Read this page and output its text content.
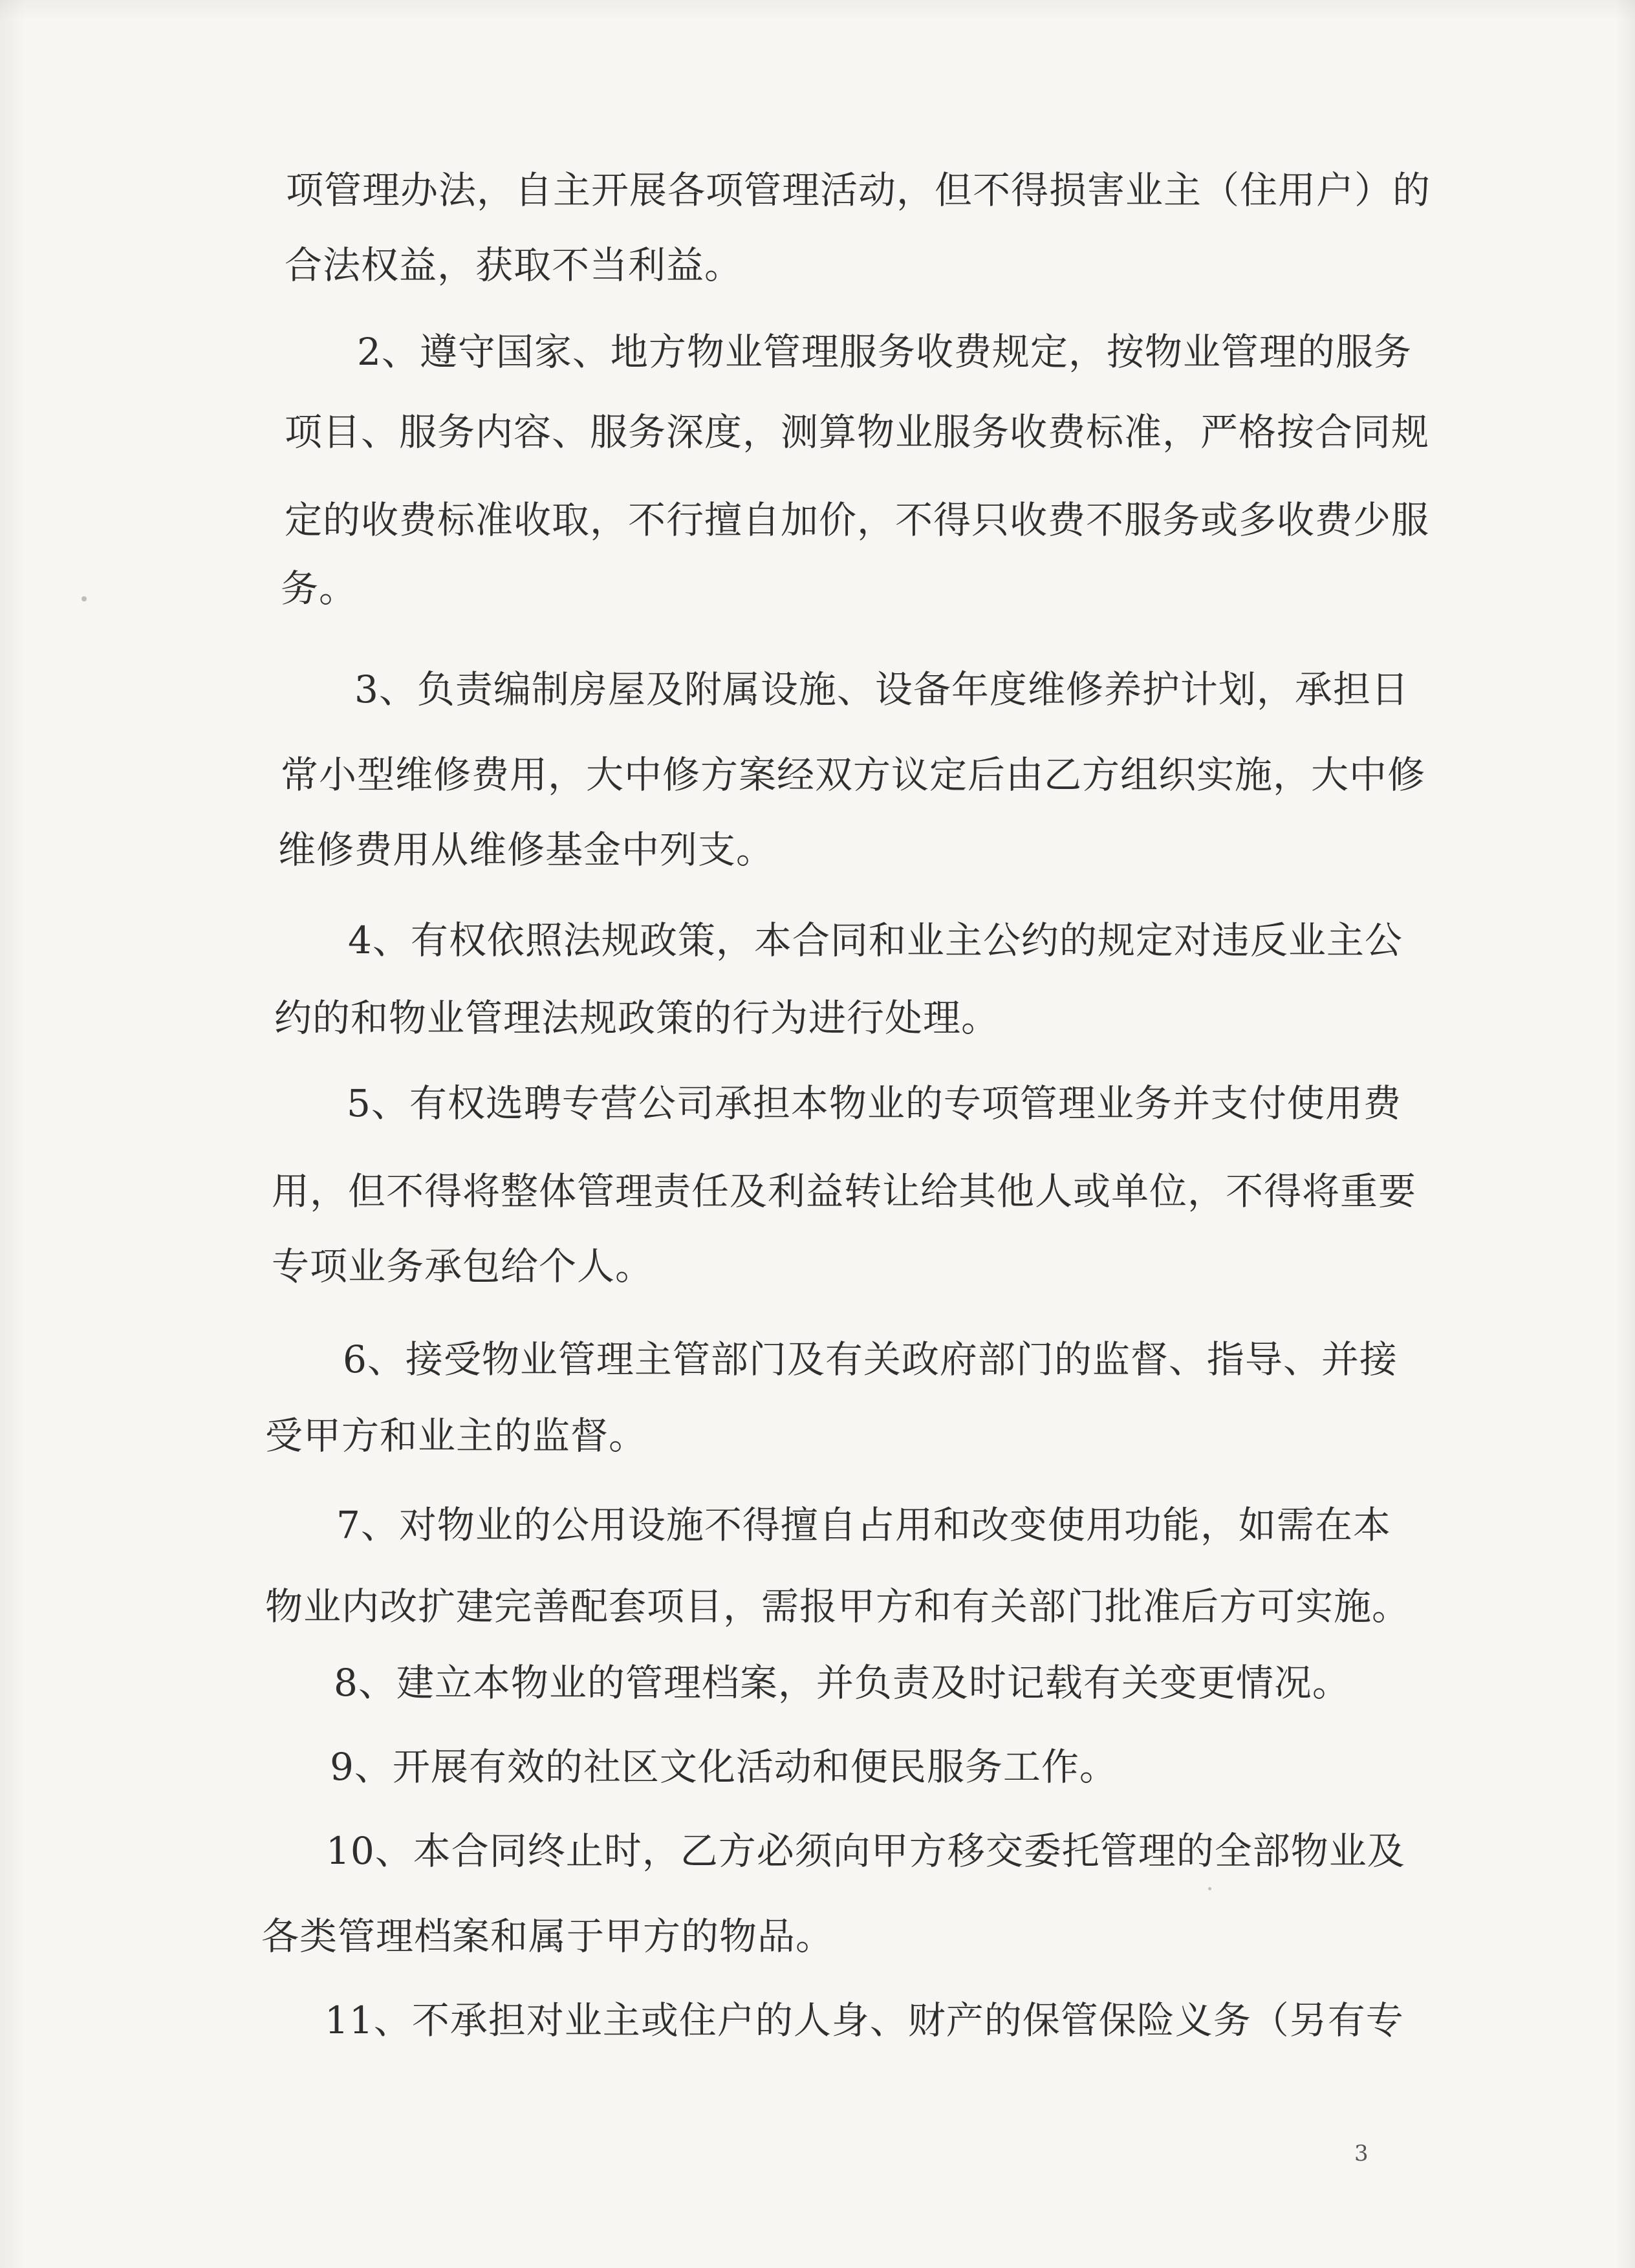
项管理办法，自主开展各项管理活动，但不得损害业主（住用户）的
合法权益，获取不当利益。
2、遵守国家、地方物业管理服务收费规定，按物业管理的服务
项目、服务内容、服务深度，测算物业服务收费标准，严格按合同规
定的收费标准收取，不行擅自加价，不得只收费不服务或多收费少服
务。
3、负责编制房屋及附属设施、设备年度维修养护计划，承担日
常小型维修费用，大中修方案经双方议定后由乙方组织实施，大中修
维修费用从维修基金中列支。
4、有权依照法规政策，本合同和业主公约的规定对违反业主公
约的和物业管理法规政策的行为进行处理。
5、有权选聘专营公司承担本物业的专项管理业务并支付使用费
用，但不得将整体管理责任及利益转让给其他人或单位，不得将重要
专项业务承包给个人。
6、接受物业管理主管部门及有关政府部门的监督、指导、并接
受甲方和业主的监督。
7、对物业的公用设施不得擅自占用和改变使用功能，如需在本
物业内改扩建完善配套项目，需报甲方和有关部门批准后方可实施。
8、建立本物业的管理档案，并负责及时记载有关变更情况。
9、开展有效的社区文化活动和便民服务工作。
10、本合同终止时，乙方必须向甲方移交委托管理的全部物业及
各类管理档案和属于甲方的物品。
11、不承担对业主或住户的人身、财产的保管保险义务（另有专
3
